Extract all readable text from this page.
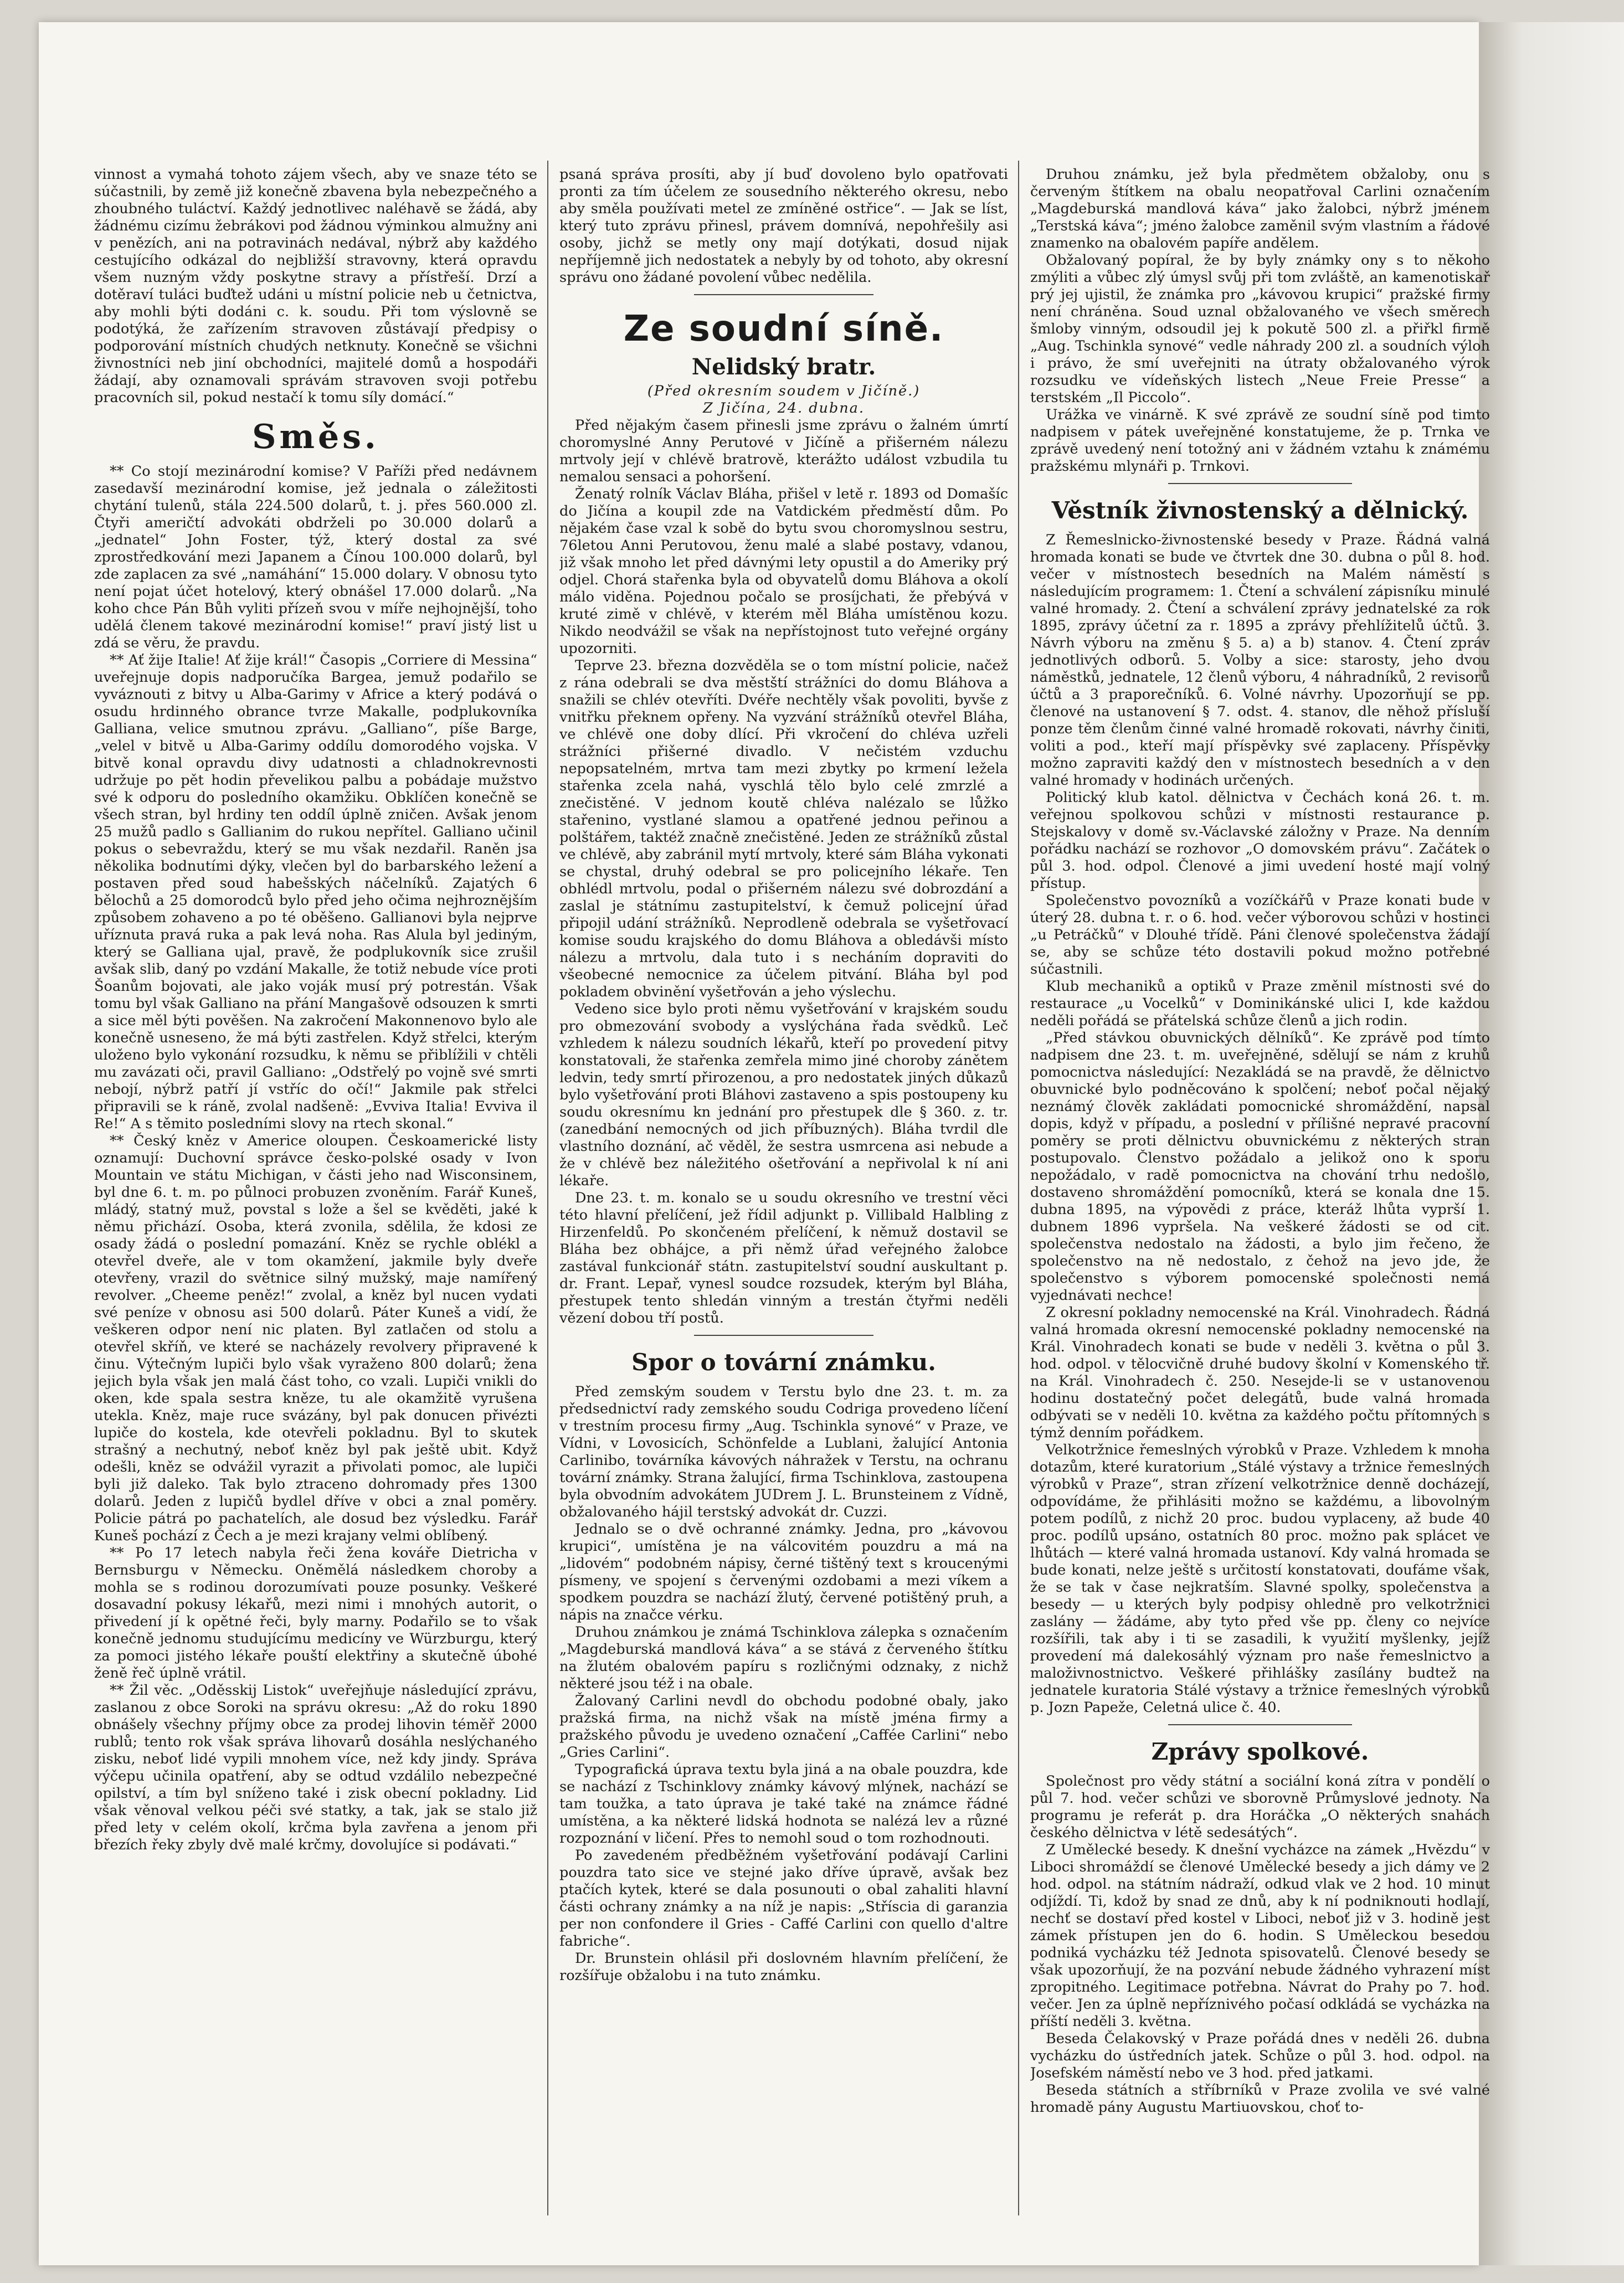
vinnost a vymahá tohoto zájem všech, aby ve snaze této se súčastnili, by země již konečně zbavena byla nebezpečného a zhoubného tuláctví. Každý jednotlivec naléhavě se žádá, aby žádnému cizímu žebrákovi pod žádnou výminkou almužny ani v penězích, ani na potravinách nedával, nýbrž aby každého cestujícího odkázal do nejbližší stravovny, která opravdu všem nuzným vždy poskytne stravy a přístřeší. Drzí a dotěraví tuláci buďtež udáni u místní policie neb u četnictva, aby mohli býti dodáni c. k. soudu. Při tom výslovně se podotýká, že zařízením stravoven zůstávají předpisy o podporování místních chudých netknuty. Konečně se všichni živnostníci neb jiní obchodníci, majitelé domů a hospodáři žádají, aby oznamovali správám stravoven svoji potřebu pracovních sil, pokud nestačí k tomu síly domácí.“

Směs.

** Co stojí mezinárodní komise? V Paříži před nedávnem zasedavší mezinárodní komise, jež jednala o záležitosti chytání tulenů, stála 224.500 dolarů, t. j. přes 560.000 zl. Čtyři američtí advokáti obdrželi po 30.000 dolarů a „jednatel“ John Foster, týž, který dostal za své zprostředkování mezi Japanem a Čínou 100.000 dolarů, byl zde zaplacen za své „namáhání“ 15.000 dolary. V obnosu tyto není pojat účet hotelový, který obnášel 17.000 dolarů. „Na koho chce Pán Bůh vyliti přízeň svou v míře nejhojnější, toho udělá členem takové mezinárodní komise!“ praví jistý list u zdá se věru, že pravdu.

** Ať žije Italie! Ať žije král!“ Časopis „Corriere di Messina“ uveřejnuje dopis nadporučíka Bargea, jemuž podařilo se vyváznouti z bitvy u Alba-Garimy v Africe a který podává o osudu hrdinného obrance tvrze Makalle, podplukovníka Galliana, velice smutnou zprávu. „Galliano“, píše Barge, „velel v bitvě u Alba-Garimy oddílu domorodého vojska. V bitvě konal opravdu divy udatnosti a chladnokrevnosti udržuje po pět hodin převelikou palbu a pobádaje mužstvo své k odporu do posledního okamžiku. Obklíčen konečně se všech stran, byl hrdiny ten oddíl úplně zničen. Avšak jenom 25 mužů padlo s Gallianim do rukou nepřítel. Galliano učinil pokus o sebevraždu, který se mu však nezdařil. Raněn jsa několika bodnutími dýky, vlečen byl do barbarského ležení a postaven před soud habešských náčelníků. Zajatých 6 bělochů a 25 domorodců bylo před jeho očima nejhroznějším způsobem zohaveno a po té oběšeno. Gallianovi byla nejprve uříznuta pravá ruka a pak levá noha. Ras Alula byl jediným, který se Galliana ujal, pravě, že podplukovník sice zrušil avšak slib, daný po vzdání Makalle, že totiž nebude více proti Šoanům bojovati, ale jako voják musí prý potrestán. Však tomu byl však Galliano na přání Mangašově odsouzen k smrti a sice měl býti pověšen. Na zakročení Makonnenovo bylo ale konečně usneseno, že má býti zastřelen. Když střelci, kterým uloženo bylo vykonání rozsudku, k němu se přiblížili v chtěli mu zavázati oči, pravil Galliano: „Odstřelý po vojně své smrti nebojí, nýbrž patří jí vstříc do očí!“ Jakmile pak střelci připravili se k ráně, zvolal nadšeně: „Evviva Italia! Evviva il Re!“ A s těmito posledními slovy na rtech skonal.“

** Český kněz v Americe oloupen. Českoamerické listy oznamují: Duchovní správce česko-polské osady v Ivon Mountain ve státu Michigan, v části jeho nad Wisconsinem, byl dne 6. t. m. po půlnoci probuzen zvoněním. Farář Kuneš, mládý, statný muž, povstal s lože a šel se kvěděti, jaké k němu přichází. Osoba, která zvonila, sdělila, že kdosi ze osady žádá o poslední pomazání. Kněz se rychle oblékl a otevřel dveře, ale v tom okamžení, jakmile byly dveře otevřeny, vrazil do světnice silný mužský, maje namířený revolver. „Cheeme peněz!“ zvolal, a kněz byl nucen vydati své peníze v obnosu asi 500 dolarů. Páter Kuneš a vidí, že veškeren odpor není nic platen. Byl zatlačen od stolu a otevřel skříň, ve které se nacházely revolvery připravené k činu. Výtečným lupiči bylo však vyraženo 800 dolarů; žena jejich byla však jen malá část toho, co vzali. Lupiči vnikli do oken, kde spala sestra kněze, tu ale okamžitě vyrušena utekla. Kněz, maje ruce svázány, byl pak donucen přivézti lupiče do kostela, kde otevřeli pokladnu. Byl to skutek strašný a nechutný, neboť kněz byl pak ještě ubit. Když odešli, kněz se odvážil vyrazit a přivolati pomoc, ale lupiči byli již daleko. Tak bylo ztraceno dohromady přes 1300 dolarů. Jeden z lupičů bydlel dříve v obci a znal poměry. Policie pátrá po pachatelích, ale dosud bez výsledku. Farář Kuneš pochází z Čech a je mezi krajany velmi oblíbený.

** Po 17 letech nabyla řeči žena kováře Dietricha v Bernsburgu v Německu. Oněmělá následkem choroby a mohla se s rodinou dorozumívati pouze posunky. Veškeré dosavadní pokusy lékařů, mezi nimi i mnohých autorit, o přivedení jí k opětné řeči, byly marny. Podařilo se to však konečně jednomu studujícímu medicíny ve Würzburgu, který za pomoci jistého lékaře pouští elektřiny a skutečně úbohé ženě řeč úplně vrátil.

** Žil věc. „Oděsskij Listok“ uveřejňuje následující zprávu, zaslanou z obce Soroki na správu okresu: „Až do roku 1890 obnášely všechny příjmy obce za prodej lihovin téměř 2000 rublů; tento rok však správa lihovarů dosáhla neslýchaného zisku, neboť lidé vypili mnohem více, než kdy jindy. Správa výčepu učinila opatření, aby se odtud vzdálilo nebezpečné opilství, a tím byl sníženo také i zisk obecní pokladny. Lid však věnoval velkou péči své statky, a tak, jak se stalo již před lety v celém okolí, krčma byla zavřena a jenom při březích řeky zbyly dvě malé krčmy, dovolujíce si podávati.“

psaná správa prosíti, aby jí buď dovoleno bylo opatřovati pronti za tím účelem ze sousedního některého okresu, nebo aby směla používati metel ze zmíněné ostřice“. — Jak se líst, který tuto zprávu přinesl, právem domnívá, nepohřešily asi osoby, jichž se metly ony mají dotýkati, dosud nijak nepříjemně jich nedostatek a nebyly by od tohoto, aby okresní správu ono žádané povolení vůbec nedělila.

Ze soudní síně.
Nelidský bratr.
(Před okresním soudem v Jičíně.)
Z Jičína, 24. dubna.

Před nějakým časem přinesli jsme zprávu o žalném úmrtí choromyslné Anny Perutové v Jičíně a přišerném nálezu mrtvoly její v chlévě bratrově, kterážto událost vzbudila tu nemalou sensaci a pohoršení.

Ženatý rolník Václav Bláha, přišel v letě r. 1893 od Domašíc do Jičína a koupil zde na Vatdickém předměstí dům. Po nějakém čase vzal k sobě do bytu svou choromyslnou sestru, 76letou Anni Perutovou, ženu malé a slabé postavy, vdanou, již však mnoho let před dávnými lety opustil a do Ameriky prý odjel. Chorá stařenka byla od obyvatelů domu Bláhova a okolí málo viděna. Pojednou počalo se prosíjchati, že přebývá v kruté zimě v chlévě, v kterém měl Bláha umístěnou kozu. Nikdo neodvážil se však na nepřístojnost tuto veřejné orgány upozorniti.

Teprve 23. března dozvěděla se o tom místní policie, načež z rána odebrali se dva městští strážníci do domu Bláhova a snažili se chlév otevříti. Dvéře nechtěly však povoliti, byvše z vnitřku překnem opřeny. Na vyzvání strážníků otevřel Bláha, ve chlévě one doby dlící. Při vkročení do chléva uzřeli strážníci přišerné divadlo. V nečistém vzduchu nepopsatelném, mrtva tam mezi zbytky po krmení ležela stařenka zcela nahá, vyschlá tělo bylo celé zmrzlé a znečistěné. V jednom koutě chléva nalézalo se lůžko stařenino, vystlané slamou a opatřené jednou peřinou a polštářem, taktéž značně znečistěné. Jeden ze strážníků zůstal ve chlévě, aby zabránil mytí mrtvoly, které sám Bláha vykonati se chystal, druhý odebral se pro policejního lékaře. Ten obhlédl mrtvolu, podal o přišerném nálezu své dobrozdání a zaslal je státnímu zastupitelství, k čemuž policejní úřad připojil udání strážníků. Neprodleně odebrala se vyšetřovací komise soudu krajského do domu Bláhova a obledávši místo nálezu a mrtvolu, dala tuto i s necháním dopraviti do všeobecné nemocnice za účelem pitvání. Bláha byl pod pokladem obvinění vyšetřován a jeho výslechu.

Vedeno sice bylo proti němu vyšetřování v krajském soudu pro obmezování svobody a vyslýchána řada svědků. Leč vzhledem k nálezu soudních lékařů, kteří po provedení pitvy konstatovali, že stařenka zemřela mimo jiné choroby zánětem ledvin, tedy smrtí přirozenou, a pro nedostatek jiných důkazů bylo vyšetřování proti Bláhovi zastaveno a spis postoupeny ku soudu okresnímu kn jednání pro přestupek dle § 360. z. tr. (zanedbání nemocných od jich příbuzných). Bláha tvrdil dle vlastního doznání, ač věděl, že sestra usmrcena asi nebude a že v chlévě bez náležitého ošetřování a nepřivolal k ní ani lékaře.

Dne 23. t. m. konalo se u soudu okresního ve trestní věci této hlavní přelíčení, jež řídil adjunkt p. Villibald Halbling z Hirzenfeldů. Po skončeném přelíčení, k němuž dostavil se Bláha bez obhájce, a při němž úřad veřejného žalobce zastával funkcionář státn. zastupitelství soudní auskultant p. dr. Frant. Lepař, vynesl soudce rozsudek, kterým byl Bláha, přestupek tento shledán vinným a trestán čtyřmi neděli vězení dobou tří postů.

Spor o tovární známku.

Před zemským soudem v Terstu bylo dne 23. t. m. za předsednictví rady zemského soudu Codriga provedeno líčení v trestním procesu firmy „Aug. Tschinkla synové“ v Praze, ve Vídni, v Lovosicích, Schönfelde a Lublani, žalující Antonia Carlinibo, továrníka kávových náhražek v Terstu, na ochranu tovární známky. Strana žalující, firma Tschinklova, zastoupena byla obvodním advokátem JUDrem J. L. Brunsteinem z Vídně, obžalovaného hájil terstský advokát dr. Cuzzi.

Jednalo se o dvě ochranné známky. Jedna, pro „kávovou krupici“, umístěna je na válcovitém pouzdru a má na „lidovém“ podobném nápisy, černé tištěný text s kroucenými písmeny, ve spojení s červenými ozdobami a mezi víkem a spodkem pouzdra se nachází žlutý, červené potištěný pruh, a nápis na značce vérku.

Druhou známkou je známá Tschinklova zálepka s označením „Magdeburská mandlová káva“ a se stává z červeného štítku na žlutém obalovém papíru s rozličnými odznaky, z nichž některé jsou též i na obale.

Žalovaný Carlini nevdl do obchodu podobné obaly, jako pražská firma, na nichž však na místě jména firmy a pražského původu je uvedeno označení „Caffée Carlini“ nebo „Gries Carlini“.

Typografická úprava textu byla jiná a na obale pouzdra, kde se nachází z Tschinklovy známky kávový mlýnek, nachází se tam toužka, a tato úprava je také také na známce řádné umístěna, a ka některé lidská hodnota se nalézá lev a různé rozpoznání v ličení. Přes to nemohl soud o tom rozhodnouti.

Po zavedeném předběžném vyšetřování podávají Carlini pouzdra tato sice ve stejné jako dříve úpravě, avšak bez ptačích kytek, které se dala posunouti o obal zahaliti hlavní části ochrany známky a na níž je napis: „Stříscia di garanzia per non confondere il Gries - Caffé Carlini con quello d'altre fabriche“.

Dr. Brunstein ohlásil při doslovném hlavním přelíčení, že rozšířuje obžalobu i na tuto známku.

Druhou známku, jež byla předmětem obžaloby, onu s červeným štítkem na obalu neopatřoval Carlini označením „Magdeburská mandlová káva“ jako žalobci, nýbrž jménem „Terstská káva“; jméno žalobce zaměnil svým vlastním a řádové znamenko na obalovém papíře andělem.

Obžalovaný popíral, že by byly známky ony s to někoho zmýliti a vůbec zlý úmysl svůj při tom zvláště, an kamenotiskař prý jej ujistil, že známka pro „kávovou krupici“ pražské firmy není chráněna. Soud uznal obžalovaného ve všech směrech šmloby vinným, odsoudil jej k pokutě 500 zl. a přiřkl firmě „Aug. Tschinkla synové“ vedle náhrady 200 zl. a soudních výloh i právo, že smí uveřejniti na útraty obžalovaného výrok rozsudku ve vídeňských listech „Neue Freie Presse“ a terstském „Il Piccolo“.

Urážka ve vinárně. K své zprávě ze soudní síně pod timto nadpisem v pátek uveřejněné konstatujeme, že p. Trnka ve zprávě uvedený není totožný ani v žádném vztahu k známému pražskému mlynáři p. Trnkovi.

Věstník živnostenský a dělnický.

Z Řemeslnicko-živnostenské besedy v Praze. Řádná valná hromada konati se bude ve čtvrtek dne 30. dubna o půl 8. hod. večer v místnostech besedních na Malém náměstí s následujícím programem: 1. Čtení a schválení zápisníku minulé valné hromady. 2. Čtení a schválení zprávy jednatelské za rok 1895, zprávy účetní za r. 1895 a zprávy přehlížitelů účtů. 3. Návrh výboru na změnu § 5. a) a b) stanov. 4. Čtení zpráv jednotlivých odborů. 5. Volby a sice: starosty, jeho dvou náměstků, jednatele, 12 členů výboru, 4 náhradníků, 2 revisorů účtů a 3 praporečníků. 6. Volné návrhy. Upozorňují se pp. členové na ustanovení § 7. odst. 4. stanov, dle něhož přísluší ponze těm členům činné valné hromadě rokovati, návrhy činiti, voliti a pod., kteří mají příspěvky své zaplaceny. Příspěvky možno zapraviti každý den v místnostech besedních a v den valné hromady v hodinách určených.

Politický klub katol. dělnictva v Čechách koná 26. t. m. veřejnou spolkovou schůzi v místnosti restaurance p. Stejskalovy v domě sv.-Václavské záložny v Praze. Na denním pořádku nachází se rozhovor „O domovském právu“. Začátek o půl 3. hod. odpol. Členové a jimi uvedení hosté mají volný přístup.

Společenstvo povozníků a vozíčkářů v Praze konati bude v úterý 28. dubna t. r. o 6. hod. večer výborovou schůzi v hostinci „u Petráčků“ v Dlouhé třídě. Páni členové společenstva žádají se, aby se schůze této dostavili pokud možno potřebné súčastnili.

Klub mechaniků a optiků v Praze změnil místnosti své do restaurace „u Vocelků“ v Dominikánské ulici I, kde každou neděli pořádá se přátelská schůze členů a jich rodin.

„Před stávkou obuvnických dělníků“. Ke zprávě pod tímto nadpisem dne 23. t. m. uveřejněné, sdělují se nám z kruhů pomocnictva následující: Nezakládá se na pravdě, že dělnictvo obuvnické bylo podněcováno k spolčení; neboť počal nějaký neznámý člověk zakládati pomocnické shromáždění, napsal dopis, když v případu, a poslední v přílišné nepravé pracovní poměry se proti dělnictvu obuvnickému z některých stran postupovalo. Členstvo požádalo a jelikož ono k sporu nepožádalo, v radě pomocnictva na chování trhu nedošlo, dostaveno shromáždění pomocníků, která se konala dne 15. dubna 1895, na výpovědi z práce, kteráž lhůta vyprší 1. dubnem 1896 vypršela. Na veškeré žádosti se od cit. společenstva nedostalo na žádosti, a bylo jim řečeno, že společenstvo na ně nedostalo, z čehož na jevo jde, že společenstvo s výborem pomocenské společnosti nemá vyjednávati nechce!

Z okresní pokladny nemocenské na Král. Vinohradech. Řádná valná hromada okresní nemocenské pokladny nemocenské na Král. Vinohradech konati se bude v neděli 3. května o půl 3. hod. odpol. v tělocvičně druhé budovy školní v Komenského tř. na Král. Vinohradech č. 250. Nesejde-li se v ustanovenou hodinu dostatečný počet delegátů, bude valná hromada odbývati se v neděli 10. května za každého počtu přítomných s týmž denním pořádkem.

Velkotržnice řemeslných výrobků v Praze. Vzhledem k mnoha dotazům, které kuratorium „Stálé výstavy a tržnice řemeslných výrobků v Praze“, stran zřízení velkotržnice denně docházejí, odpovídáme, že přihlásiti možno se každému, a libovolným potem podílů, z nichž 20 proc. budou vyplaceny, až bude 40 proc. podílů upsáno, ostatních 80 proc. možno pak splácet ve lhůtách — které valná hromada ustanoví. Kdy valná hromada se bude konati, nelze ještě s určitostí konstatovati, doufáme však, že se tak v čase nejkratším. Slavné spolky, společenstva a besedy — u kterých byly podpisy ohledně pro velkotržnici zaslány — žádáme, aby tyto před vše pp. členy co nejvíce rozšířili, tak aby i ti se zasadili, k využití myšlenky, jejíž provedení má dalekosáhlý význam pro naše řemeslnictvo a maloživnostnictvo. Veškeré přihlášky zasílány budtež na jednatele kuratoria Stálé výstavy a tržnice řemeslných výrobků p. Jozn Papeže, Celetná ulice č. 40.

Zprávy spolkové.

Společnost pro vědy státní a sociální koná zítra v pondělí o půl 7. hod. večer schůzi ve sborovně Průmyslové jednoty. Na programu je referát p. dra Horáčka „O některých snahách českého dělnictva v létě sedesátých“.

Z Umělecké besedy. K dnešní vycházce na zámek „Hvězdu“ v Liboci shromáždí se členové Umělecké besedy a jich dámy ve 2 hod. odpol. na státním nádraží, odkud vlak ve 2 hod. 10 minut odjíždí. Ti, kdož by snad ze dnů, aby k ní podniknouti hodlají, nechť se dostaví před kostel v Liboci, neboť již v 3. hodině jest zámek přístupen jen do 6. hodin. S Uměleckou besedou podniká vycházku též Jednota spisovatelů. Členové besedy se však upozorňují, že na pozvání nebude žádného vyhrazení míst zpropitného. Legitimace potřebna. Návrat do Prahy po 7. hod. večer. Jen za úplně nepříznivého počasí odkládá se vycházka na příští neděli 3. května.

Beseda Čelakovský v Praze pořádá dnes v neděli 26. dubna vycházku do ústředních jatek. Schůze o půl 3. hod. odpol. na Josefském náměstí nebo ve 3 hod. před jatkami.

Beseda státních a stříbrníků v Praze zvolila ve své valné hromadě pány Augustu Martiuovskou, choť to-
